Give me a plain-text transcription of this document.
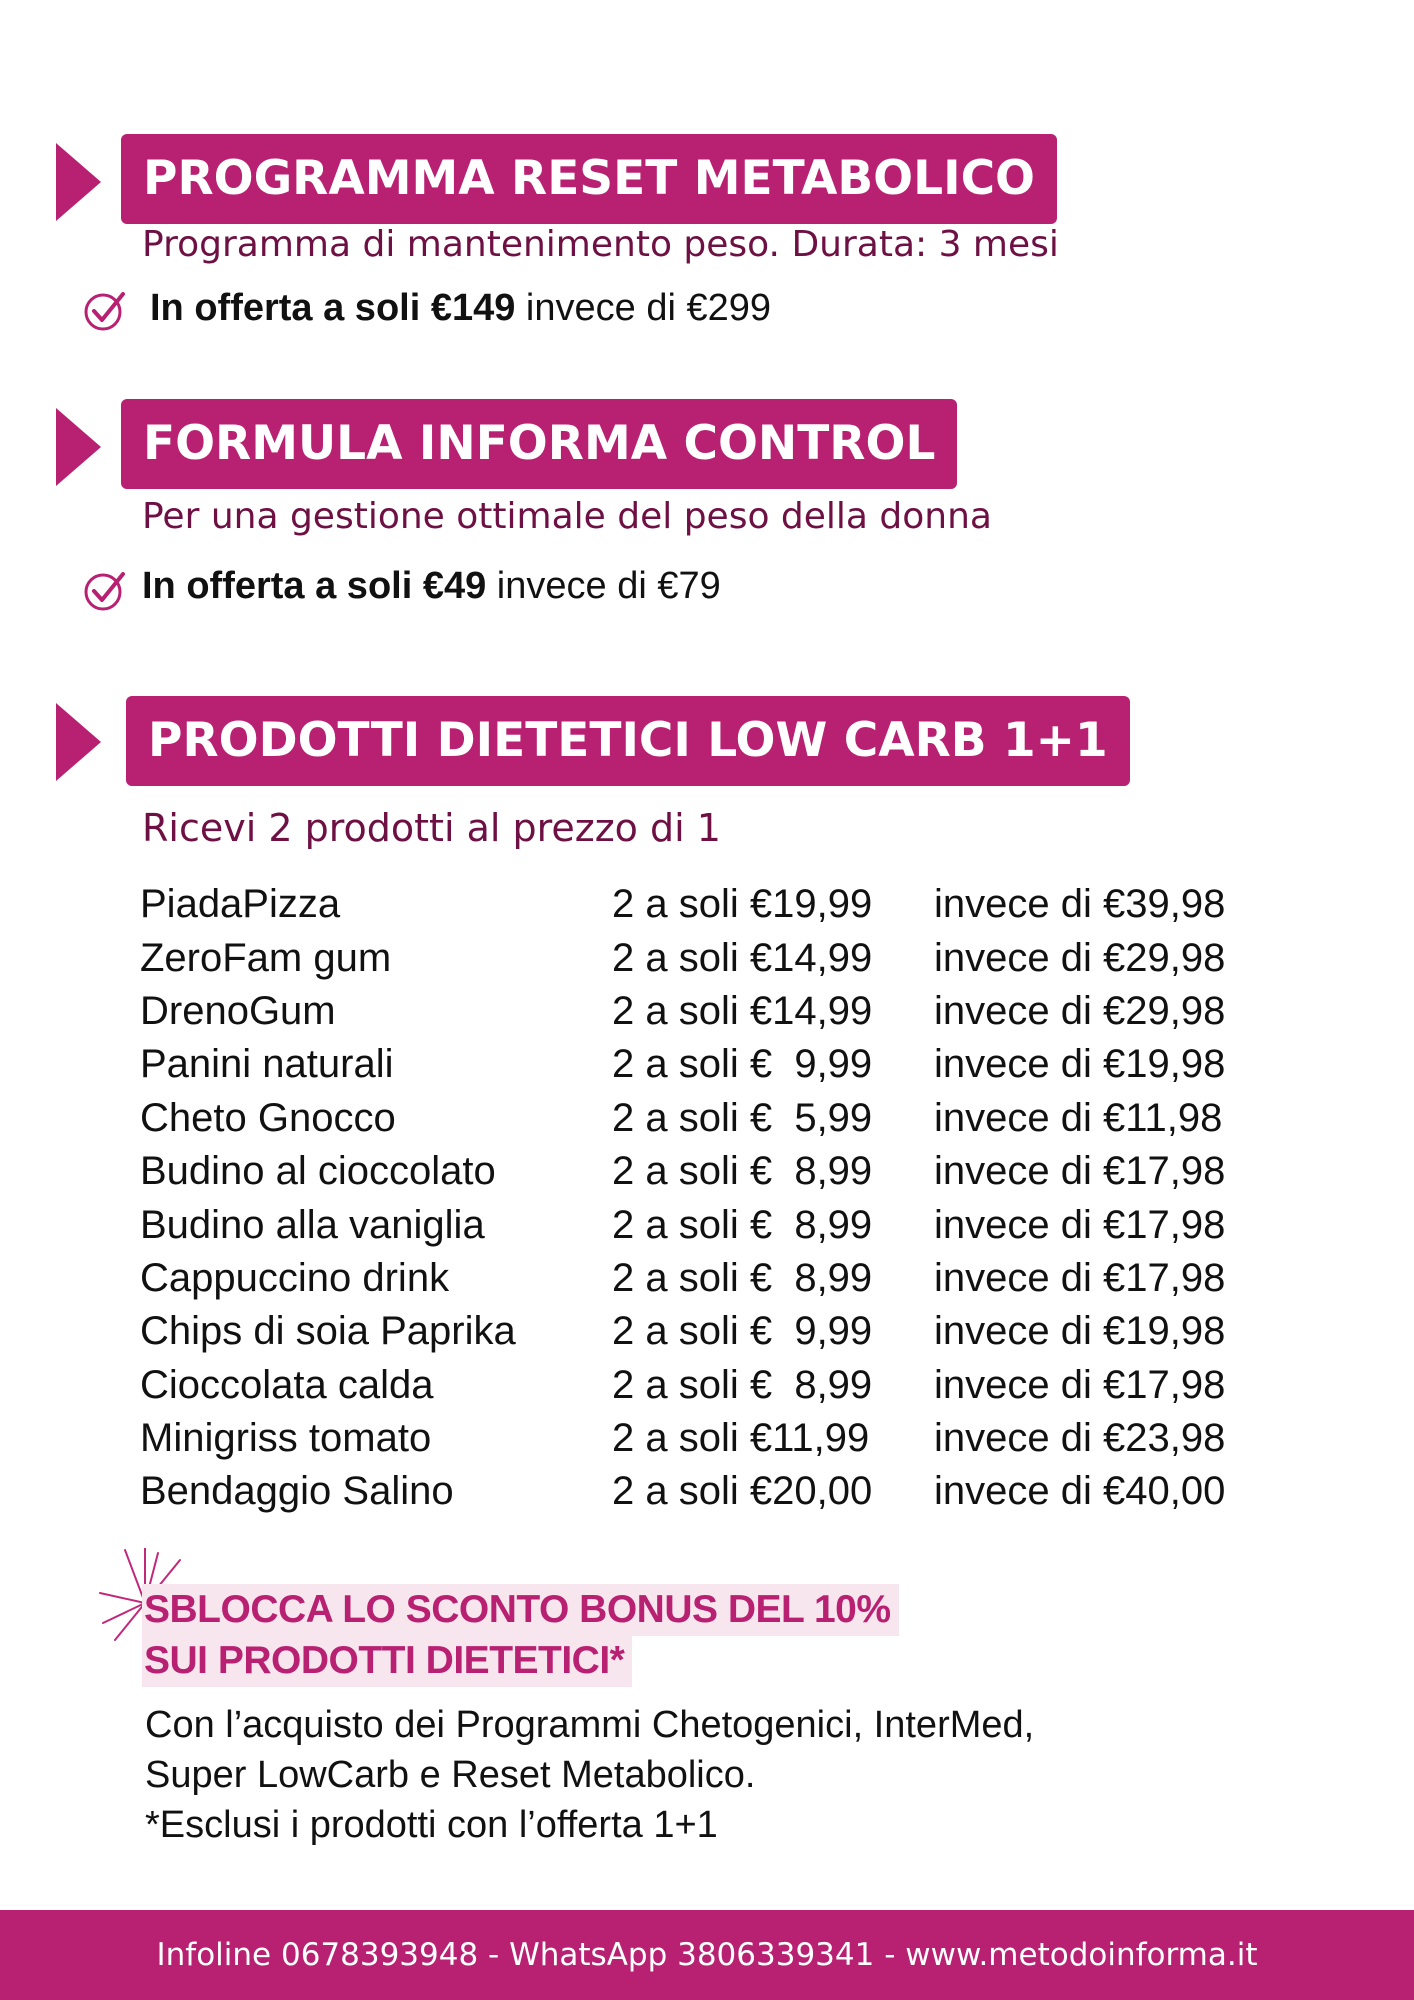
PROGRAMMA RESET METABOLICO
Programma di mantenimento peso. Durata: 3 mesi
In offerta a soli €149 invece di €299
FORMULA INFORMA CONTROL
Per una gestione ottimale del peso della donna
In offerta a soli €49 invece di €79
PRODOTTI DIETETICI LOW CARB 1+1
Ricevi 2 prodotti al prezzo di 1
PiadaPizza	2 a soli €19,99	invece di €39,98
ZeroFam gum	2 a soli €14,99	invece di €29,98
DrenoGum	2 a soli €14,99	invece di €29,98
Panini naturali	2 a soli €  9,99	invece di €19,98
Cheto Gnocco	2 a soli €  5,99	invece di €11,98
Budino al cioccolato	2 a soli €  8,99	invece di €17,98
Budino alla vaniglia	2 a soli €  8,99	invece di €17,98
Cappuccino drink	2 a soli €  8,99	invece di €17,98
Chips di soia Paprika	2 a soli €  9,99	invece di €19,98
Cioccolata calda	2 a soli €  8,99	invece di €17,98
Minigriss tomato	2 a soli €11,99	invece di €23,98
Bendaggio Salino	2 a soli €20,00	invece di €40,00
SBLOCCA LO SCONTO BONUS DEL 10%
SUI PRODOTTI DIETETICI*
Con l’acquisto dei Programmi Chetogenici, InterMed,
Super LowCarb e Reset Metabolico.
*Esclusi i prodotti con l’offerta 1+1
Infoline 0678393948 - WhatsApp 3806339341 - www.metodoinforma.it
